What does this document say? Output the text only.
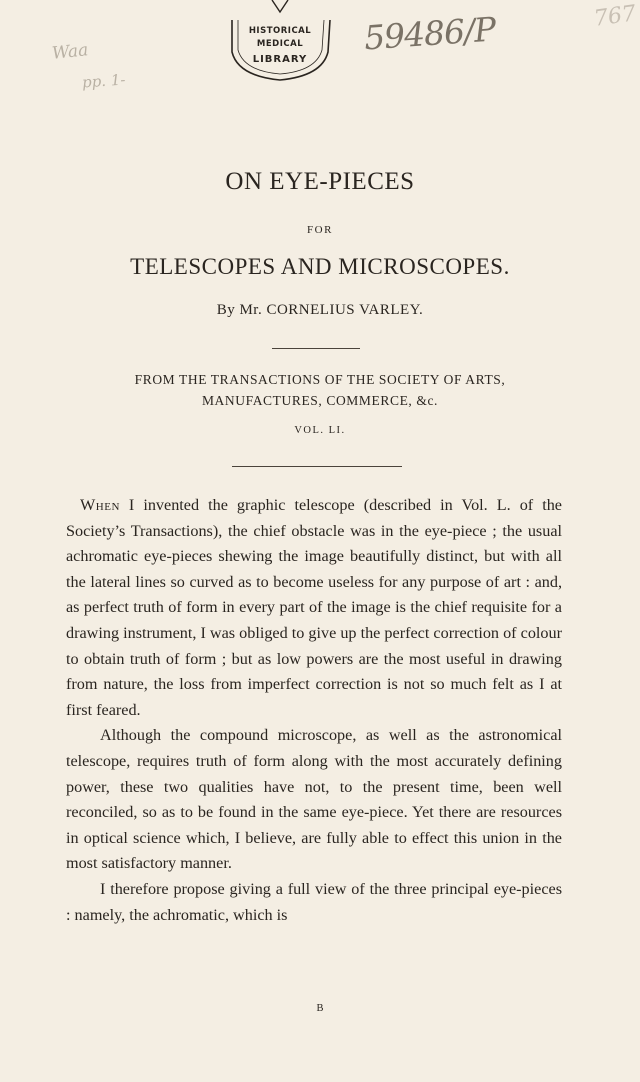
HISTORICAL
MEDICAL
LIBRARY
Waa
pp. 1-
59486/P	767
ON EYE-PIECES
FOR
TELESCOPES AND MICROSCOPES.
By Mr. CORNELIUS VARLEY.
FROM THE TRANSACTIONS OF THE SOCIETY OF ARTS,
MANUFACTURES, COMMERCE, &c.
VOL. LI.

When I invented the graphic telescope (described in Vol. L. of the Society’s Transactions), the chief obstacle was in the eye-piece ; the usual achromatic eye-pieces shewing the image beautifully distinct, but with all the lateral lines so curved as to become useless for any purpose of art : and, as perfect truth of form in every part of the image is the chief requisite for a drawing instrument, I was obliged to give up the perfect correction of colour to obtain truth of form ; but as low powers are the most useful in drawing from nature, the loss from imperfect correction is not so much felt as I at first feared.

Although the compound microscope, as well as the astronomical telescope, requires truth of form along with the most accurately defining power, these two qualities have not, to the present time, been well reconciled, so as to be found in the same eye-piece. Yet there are resources in optical science which, I believe, are fully able to effect this union in the most satisfactory manner.

I therefore propose giving a full view of the three principal eye-pieces : namely, the achromatic, which is

B
